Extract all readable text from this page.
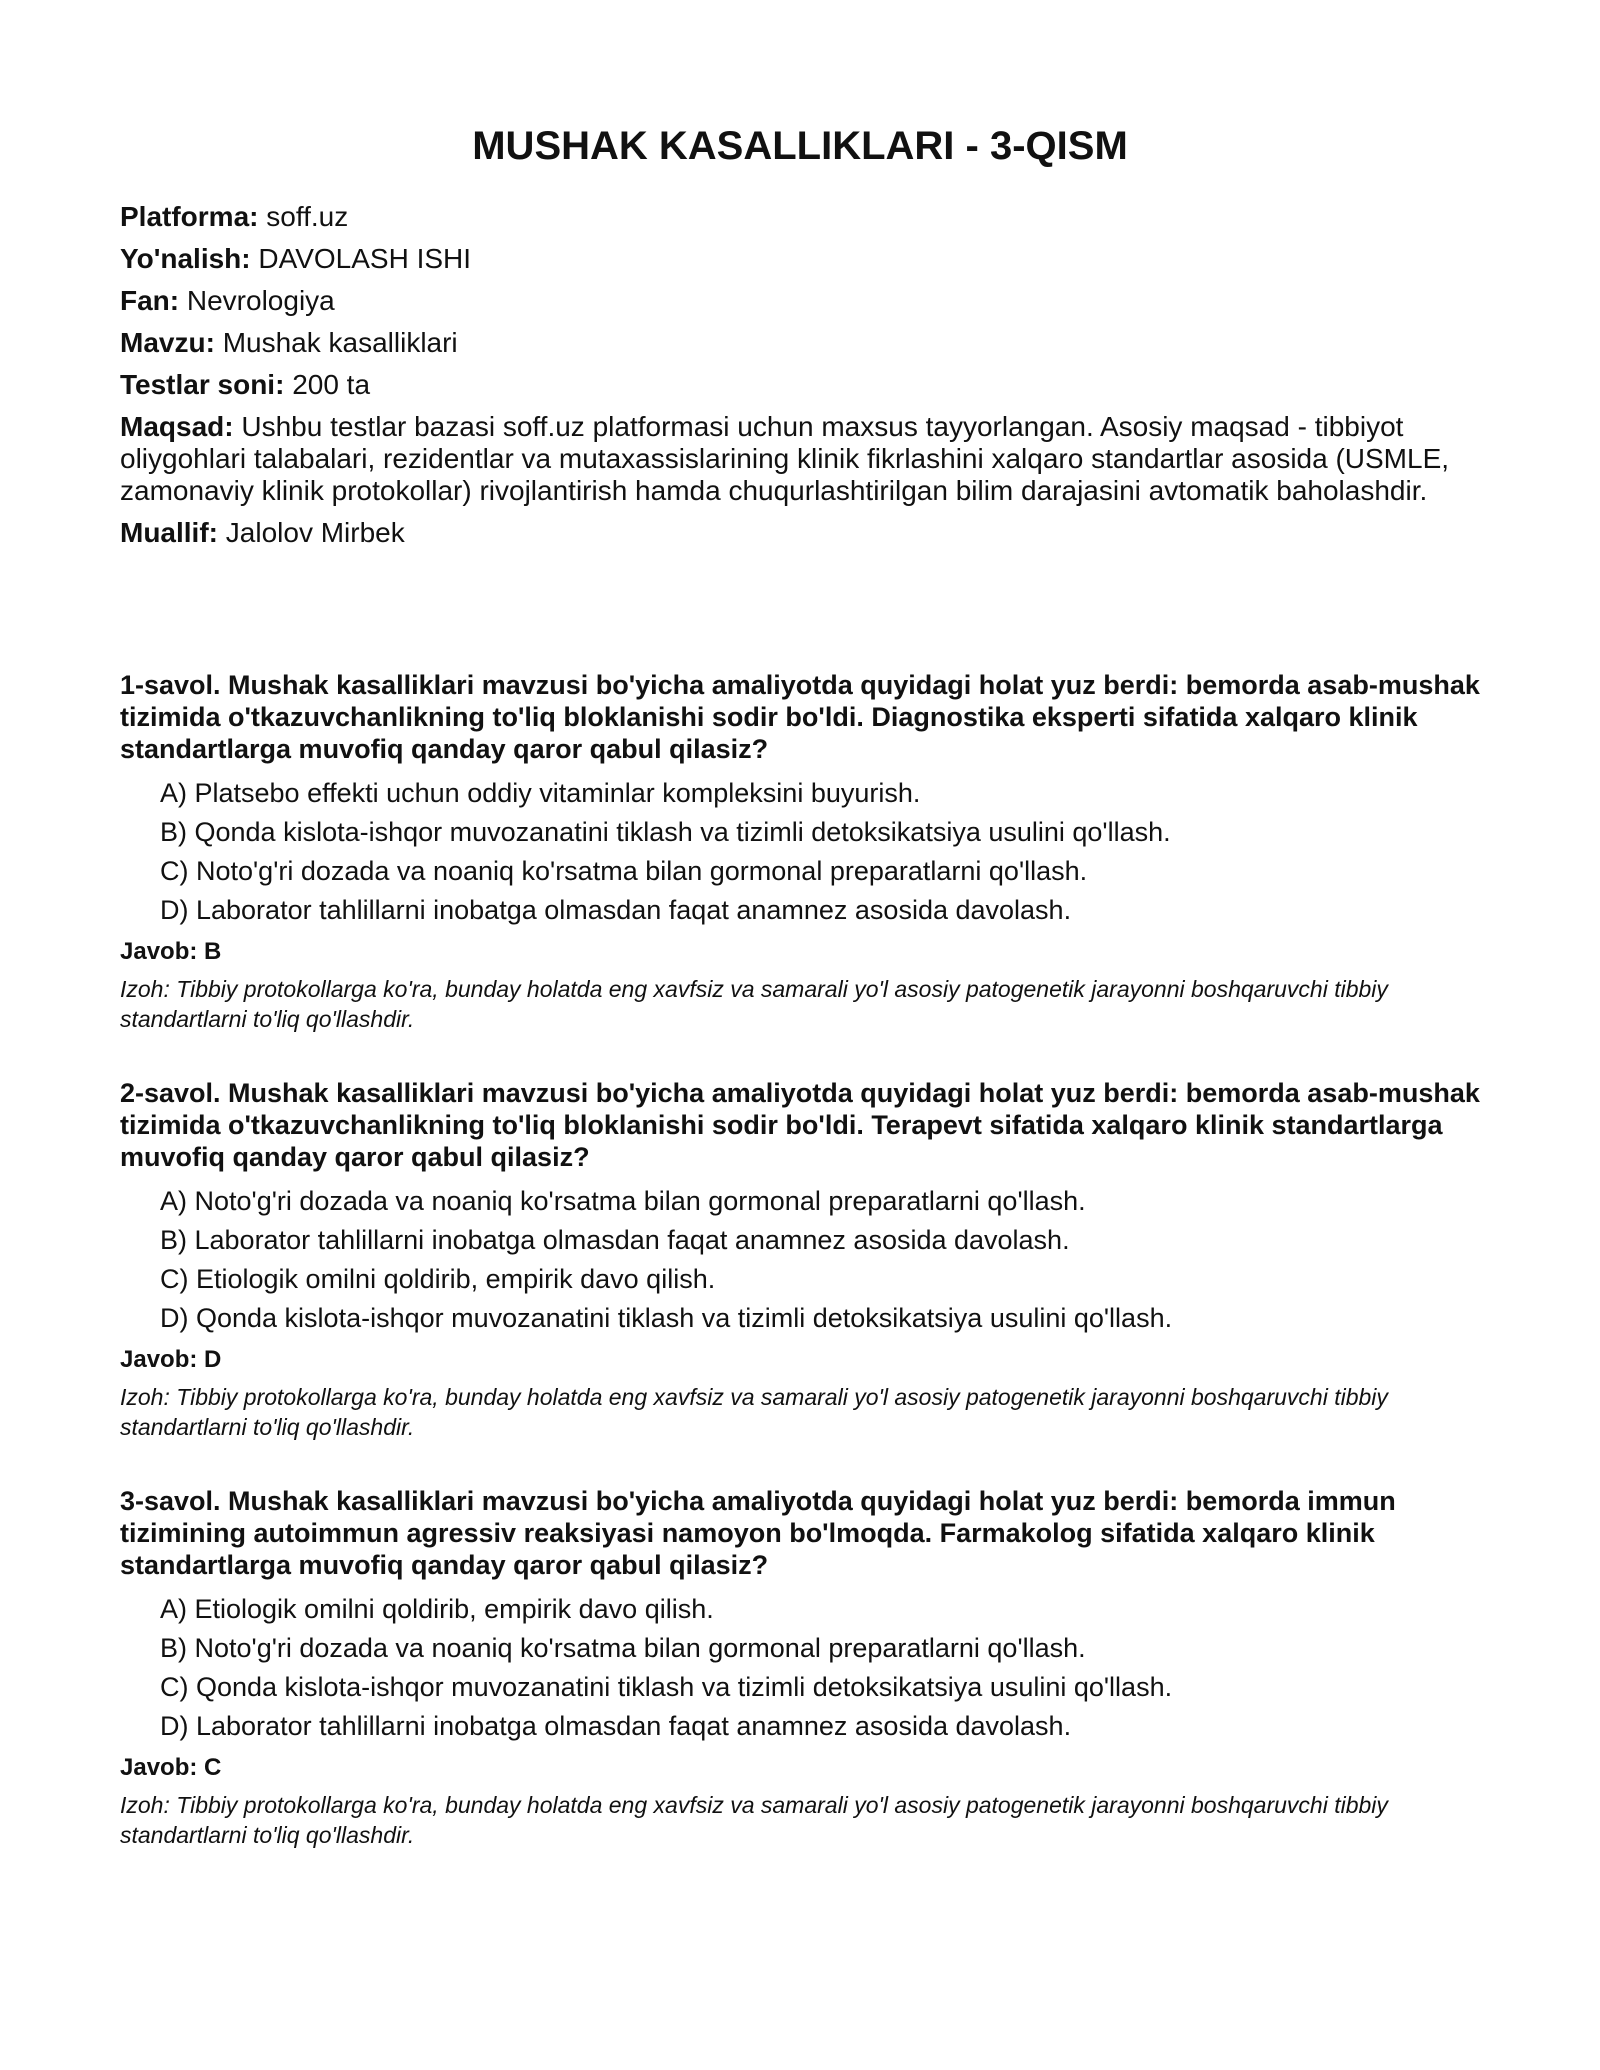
MUSHAK KASALLIKLARI - 3-QISM

Platforma: soff.uz

Yo'nalish: DAVOLASH ISHI

Fan: Nevrologiya

Mavzu: Mushak kasalliklari

Testlar soni: 200 ta

Maqsad: Ushbu testlar bazasi soff.uz platformasi uchun maxsus tayyorlangan. Asosiy maqsad - tibbiyot oliygohlari talabalari, rezidentlar va mutaxassislarining klinik fikrlashini xalqaro standartlar asosida (USMLE, zamonaviy klinik protokollar) rivojlantirish hamda chuqurlashtirilgan bilim darajasini avtomatik baholashdir.

Muallif: Jalolov Mirbek

1-savol. Mushak kasalliklari mavzusi bo'yicha amaliyotda quyidagi holat yuz berdi: bemorda asab-mushak tizimida o'tkazuvchanlikning to'liq bloklanishi sodir bo'ldi. Diagnostika eksperti sifatida xalqaro klinik standartlarga muvofiq qanday qaror qabul qilasiz?

A) Platsebo effekti uchun oddiy vitaminlar kompleksini buyurish.
B) Qonda kislota-ishqor muvozanatini tiklash va tizimli detoksikatsiya usulini qo'llash.
C) Noto'g'ri dozada va noaniq ko'rsatma bilan gormonal preparatlarni qo'llash.
D) Laborator tahlillarni inobatga olmasdan faqat anamnez asosida davolash.

Javob: B

Izoh: Tibbiy protokollarga ko'ra, bunday holatda eng xavfsiz va samarali yo'l asosiy patogenetik jarayonni boshqaruvchi tibbiy standartlarni to'liq qo'llashdir.

2-savol. Mushak kasalliklari mavzusi bo'yicha amaliyotda quyidagi holat yuz berdi: bemorda asab-mushak tizimida o'tkazuvchanlikning to'liq bloklanishi sodir bo'ldi. Terapevt sifatida xalqaro klinik standartlarga muvofiq qanday qaror qabul qilasiz?

A) Noto'g'ri dozada va noaniq ko'rsatma bilan gormonal preparatlarni qo'llash.
B) Laborator tahlillarni inobatga olmasdan faqat anamnez asosida davolash.
C) Etiologik omilni qoldirib, empirik davo qilish.
D) Qonda kislota-ishqor muvozanatini tiklash va tizimli detoksikatsiya usulini qo'llash.

Javob: D

Izoh: Tibbiy protokollarga ko'ra, bunday holatda eng xavfsiz va samarali yo'l asosiy patogenetik jarayonni boshqaruvchi tibbiy standartlarni to'liq qo'llashdir.

3-savol. Mushak kasalliklari mavzusi bo'yicha amaliyotda quyidagi holat yuz berdi: bemorda immun tizimining autoimmun agressiv reaksiyasi namoyon bo'lmoqda. Farmakolog sifatida xalqaro klinik standartlarga muvofiq qanday qaror qabul qilasiz?

A) Etiologik omilni qoldirib, empirik davo qilish.
B) Noto'g'ri dozada va noaniq ko'rsatma bilan gormonal preparatlarni qo'llash.
C) Qonda kislota-ishqor muvozanatini tiklash va tizimli detoksikatsiya usulini qo'llash.
D) Laborator tahlillarni inobatga olmasdan faqat anamnez asosida davolash.

Javob: C

Izoh: Tibbiy protokollarga ko'ra, bunday holatda eng xavfsiz va samarali yo'l asosiy patogenetik jarayonni boshqaruvchi tibbiy standartlarni to'liq qo'llashdir.
